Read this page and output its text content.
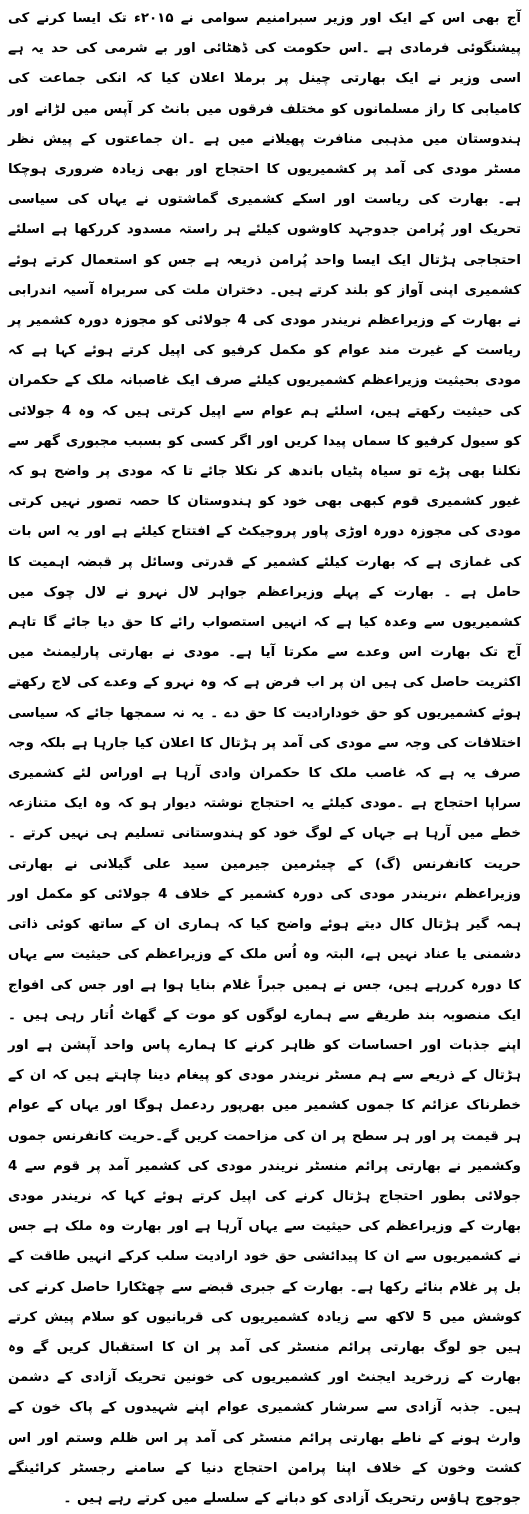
آج بھی اس کے ایک اور وزیر سبرامنیم سوامی نے ۲۰۱۵ء تک ایسا کرنے کی پیشنگوئی فرمادی ہے ۔اس حکومت کی ڈھٹائی اور بے شرمی کی حد یہ ہے اسی وزیر نے ایک بھارتی چینل پر برملا اعلان کیا کہ انکی جماعت کی کامیابی کا راز مسلمانوں کو مختلف فرقوں میں بانٹ کر آپس میں لڑانے اور ہندوستان میں مذہبی منافرت پھیلانے میں ہے ۔ان جماعتوں کے پیش نظر مسٹر مودی کی آمد پر کشمیریوں کا احتجاج اور بھی زیادہ ضروری ہوچکا ہے۔ بھارت کی ریاست اور اسکے کشمیری گماشتوں نے یہاں کی سیاسی تحریک اور پُرامن جدوجہد کاوشوں کیلئے ہر راستہ مسدود کررکھا ہے اسلئے احتجاجی ہڑتال ایک ایسا واحد پُرامن ذریعہ ہے جس کو استعمال کرتے ہوئے کشمیری اپنی آواز کو بلند کرتے ہیں۔ دختران ملت کی سربراہ آسیہ اندرابی نے بھارت کے وزیراعظم نریندر مودی کی 4 جولائی کو مجوزہ دورہ کشمیر پر ریاست کے غیرت مند عوام کو مکمل کرفیو کی اپیل کرتے ہوئے کہا ہے کہ مودی بحیثیت وزیراعظم کشمیریوں کیلئے صرف ایک غاصبانہ ملک کے حکمران کی حیثیت رکھتے ہیں، اسلئے ہم عوام سے اپیل کرتی ہیں کہ وہ 4 جولائی کو سیول کرفیو کا سماں پیدا کریں اور اگر کسی کو بسبب مجبوری گھر سے نکلنا بھی پڑے تو سیاہ پٹیاں باندھ کر نکلا جائے تا کہ مودی پر واضح ہو کہ غیور کشمیری قوم کبھی بھی خود کو ہندوستان کا حصہ تصور نہیں کرتی مودی کی مجوزہ دورہ اوڑی پاور پروجیکٹ کے افتتاح کیلئے ہے اور یہ اس بات کی غمازی ہے کہ بھارت کیلئے کشمیر کے قدرتی وسائل پر قبضہ اہمیت کا حامل ہے ۔ بھارت کے پہلے وزیراعظم جواہر لال نہرو نے لال چوک میں کشمیریوں سے وعدہ کیا ہے کہ انہیں استصواب رائے کا حق دیا جائے گا تاہم آج تک بھارت اس وعدے سے مکرتا آیا ہے۔ مودی نے بھارتی پارلیمنٹ میں اکثریت حاصل کی ہیں ان پر اب فرض ہے کہ وہ نہرو کے وعدے کی لاج رکھتے ہوئے کشمیریوں کو حق خودارادیت کا حق دے ۔ یہ نہ سمجھا جائے کہ سیاسی اختلافات کی وجہ سے مودی کی آمد پر ہڑتال کا اعلان کیا جارہا ہے بلکہ وجہ صرف یہ ہے کہ غاصب ملک کا حکمران وادی آرہا ہے اوراس لئے کشمیری سراپا احتجاج ہے ۔مودی کیلئے یہ احتجاج نوشتہ دیوار ہو کہ وہ ایک متنازعہ خطے میں آرہا ہے جہاں کے لوگ خود کو ہندوستانی تسلیم ہی نہیں کرتے ۔حریت کانفرنس (گ) کے چیئرمین جیرمین سید علی گیلانی نے بھارتی وزیراعظم ،نریندر مودی کی دورہ کشمیر کے خلاف 4 جولائی کو مکمل اور ہمہ گیر ہڑتال کال دیتے ہوئے واضح کیا کہ ہماری ان کے ساتھ کوئی ذاتی دشمنی یا عناد نہیں ہے، البتہ وہ اُس ملک کے وزیراعظم کی حیثیت سے یہاں کا دورہ کررہے ہیں، جس نے ہمیں جبراً غلام بنایا ہوا ہے اور جس کی افواج ایک منصوبہ بند طریقے سے ہمارے لوگوں کو موت کے گھاٹ اُتار رہی ہیں ۔اپنے جذبات اور احساسات کو ظاہر کرنے کا ہمارے پاس واحد آپشن ہے اور ہڑتال کے ذریعے سے ہم مسٹر نریندر مودی کو پیغام دینا چاہتے ہیں کہ ان کے خطرناک عزائم کا جموں کشمیر میں بھرپور ردعمل ہوگا اور یہاں کے عوام ہر قیمت پر اور ہر سطح پر ان کی مزاحمت کریں گے۔حریت کانفرنس جموں وکشمیر نے بھارتی پرائم منسٹر نریندر مودی کی کشمیر آمد پر قوم سے 4 جولائی بطور احتجاج ہڑتال کرنے کی اپیل کرتے ہوئے کہا کہ نریندر مودی بھارت کے وزیراعظم کی حیثیت سے یہاں آرہا ہے اور بھارت وہ ملک ہے جس نے کشمیریوں سے ان کا پیدائشی حق خود ارادیت سلب کرکے انہیں طاقت کے بل پر غلام بنائے رکھا ہے۔ بھارت کے جبری قبضے سے چھٹکارا حاصل کرنے کی کوشش میں 5 لاکھ سے زیادہ کشمیریوں کی قربانیوں کو سلام پیش کرتے ہیں جو لوگ بھارتی پرائم منسٹر کی آمد پر ان کا استقبال کریں گے وہ بھارت کے زرخرید ایجنٹ اور کشمیریوں کی خونین تحریک آزادی کے دشمن ہیں۔ جذبہ آزادی سے سرشار کشمیری عوام اپنے شہیدوں کے پاک خون کے وارث ہونے کے ناطے بھارتی پرائم منسٹر کی آمد پر اس ظلم وستم اور اس کشت وخون کے خلاف اپنا پرامن احتجاج دنیا کے سامنے رجسٹر کرائینگے جوجوج ہاؤس رتحریک آزادی کو دبانے کے سلسلے میں کرتے رہے ہیں ۔
